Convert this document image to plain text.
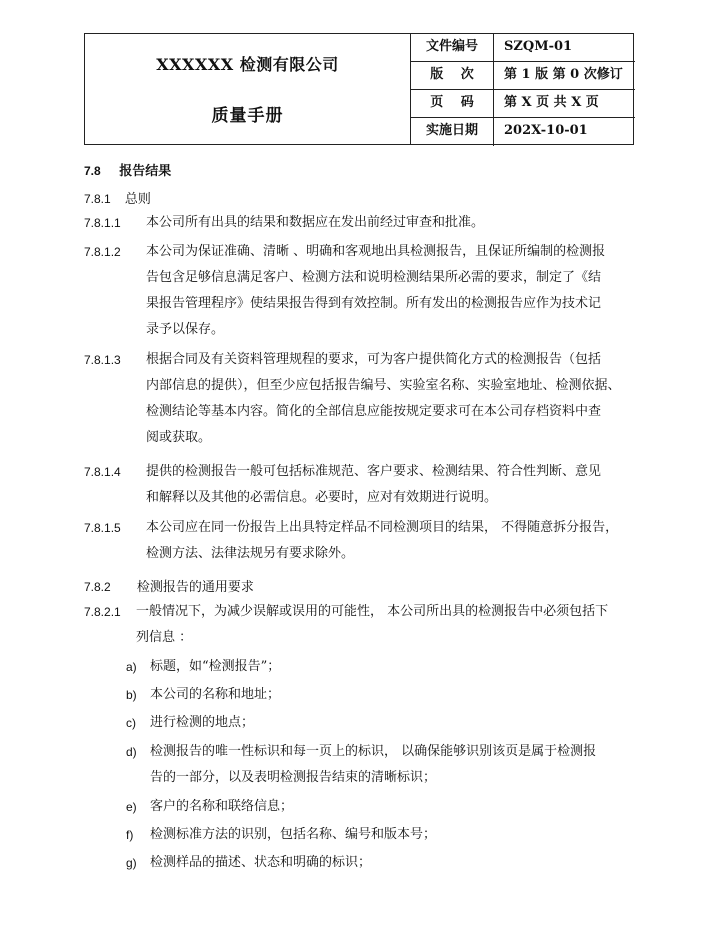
XXXXXX 检测有限公司
质量手册
文件编号	SZQM-01
版　 次	第 1 版 第 0 次修订
页　 码	第 X 页 共 X 页
实施日期	202X-10-01
7.8 报告结果
7.8.1 总则
7.8.1.1 本公司所有出具的结果和数据应在发出前经过审查和批准。
7.8.1.2 本公司为保证准确、清晰 、明确和客观地出具检测报告，且保证所编制的检测报
告包含足够信息满足客户、检测方法和说明检测结果所必需的要求，制定了《结
果报告管理程序》使结果报告得到有效控制。所有发出的检测报告应作为技术记
录予以保存。
7.8.1.3 根据合同及有关资料管理规程的要求，可为客户提供简化方式的检测报告（包括
内部信息的提供），但至少应包括报告编号、实验室名称、实验室地址、检测依据、
检测结论等基本内容。简化的全部信息应能按规定要求可在本公司存档资料中查
阅或获取。
7.8.1.4 提供的检测报告一般可包括标准规范、客户要求、检测结果、符合性判断、意见
和解释以及其他的必需信息。必要时，应对有效期进行说明。
7.8.1.5 本公司应在同一份报告上出具特定样品不同检测项目的结果， 不得随意拆分报告，
检测方法、法律法规另有要求除外。
7.8.2 检测报告的通用要求
7.8.2.1 一般情况下，为减少误解或误用的可能性， 本公司所出具的检测报告中必须包括下
列信息 ：
a) 标题，如“检测报告”；
b) 本公司的名称和地址；
c) 进行检测的地点；
d) 检测报告的唯一性标识和每一页上的标识， 以确保能够识别该页是属于检测报
告的一部分，以及表明检测报告结束的清晰标识；
e) 客户的名称和联络信息；
f) 检测标准方法的识别，包括名称、编号和版本号；
g) 检测样品的描述、状态和明确的标识；
